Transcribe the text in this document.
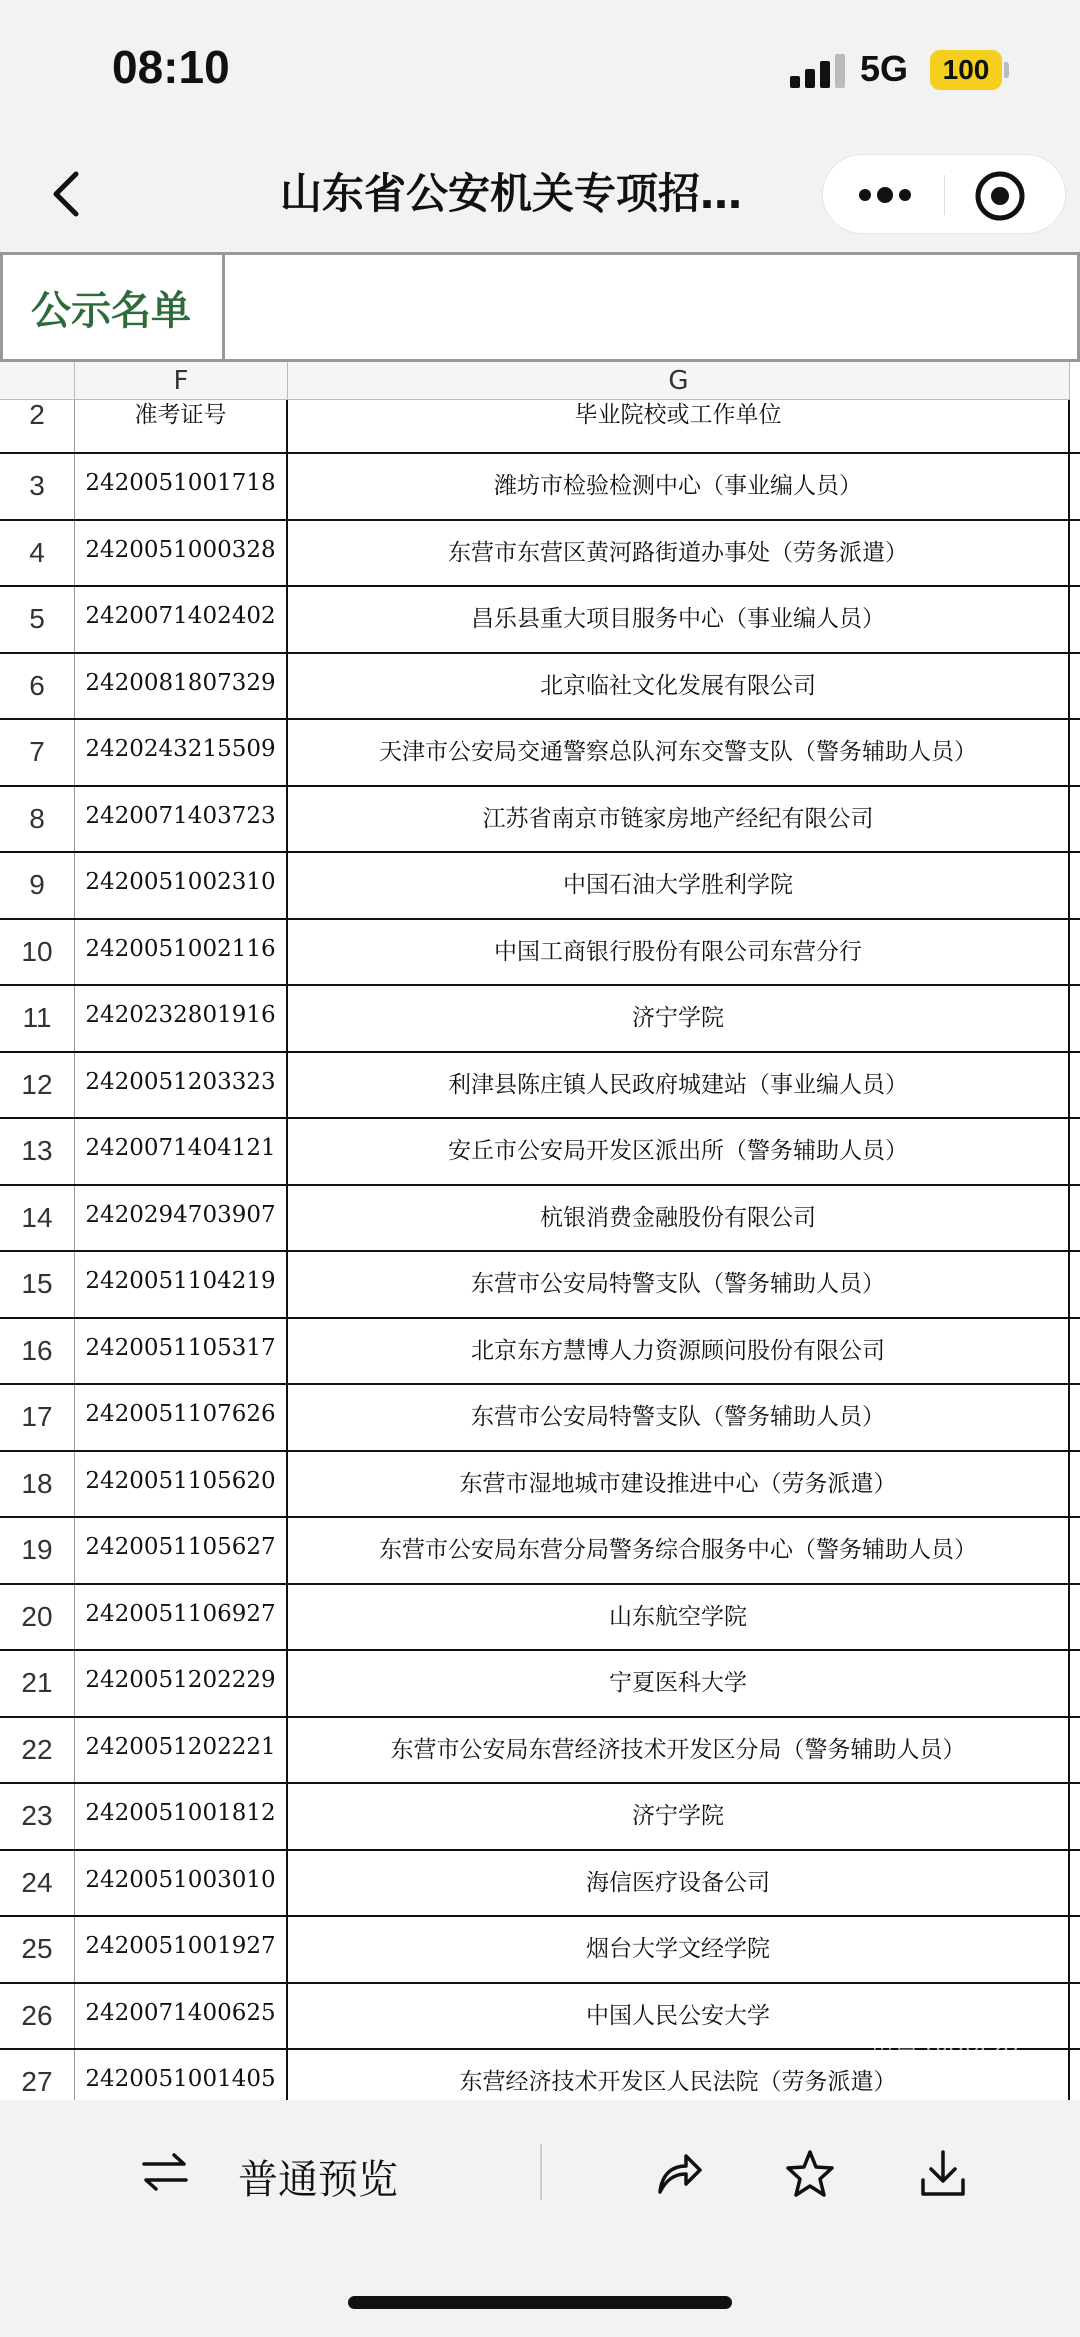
08:10	5G	100
山东省公安机关专项招…
公示名单
F	G
2	准考证号	毕业院校或工作单位
3	2420051001718	潍坊市检验检测中心（事业编人员）
4	2420051000328	东营市东营区黄河路街道办事处（劳务派遣）
5	2420071402402	昌乐县重大项目服务中心（事业编人员）
6	2420081807329	北京临社文化发展有限公司
7	2420243215509	天津市公安局交通警察总队河东交警支队（警务辅助人员）
8	2420071403723	江苏省南京市链家房地产经纪有限公司
9	2420051002310	中国石油大学胜利学院
10	2420051002116	中国工商银行股份有限公司东营分行
11	2420232801916	济宁学院
12	2420051203323	利津县陈庄镇人民政府城建站（事业编人员）
13	2420071404121	安丘市公安局开发区派出所（警务辅助人员）
14	2420294703907	杭银消费金融股份有限公司
15	2420051104219	东营市公安局特警支队（警务辅助人员）
16	2420051105317	北京东方慧博人力资源顾问股份有限公司
17	2420051107626	东营市公安局特警支队（警务辅助人员）
18	2420051105620	东营市湿地城市建设推进中心（劳务派遣）
19	2420051105627	东营市公安局东营分局警务综合服务中心（警务辅助人员）
20	2420051106927	山东航空学院
21	2420051202229	宁夏医科大学
22	2420051202221	东营市公安局东营经济技术开发区分局（警务辅助人员）
23	2420051001812	济宁学院
24	2420051003010	海信医疗设备公司
25	2420051001927	烟台大学文经学院
26	2420071400625	中国人民公安大学
27	2420051001405	东营经济技术开发区人民法院（劳务派遣）
草料二维码
用户 04A420
普通预览
